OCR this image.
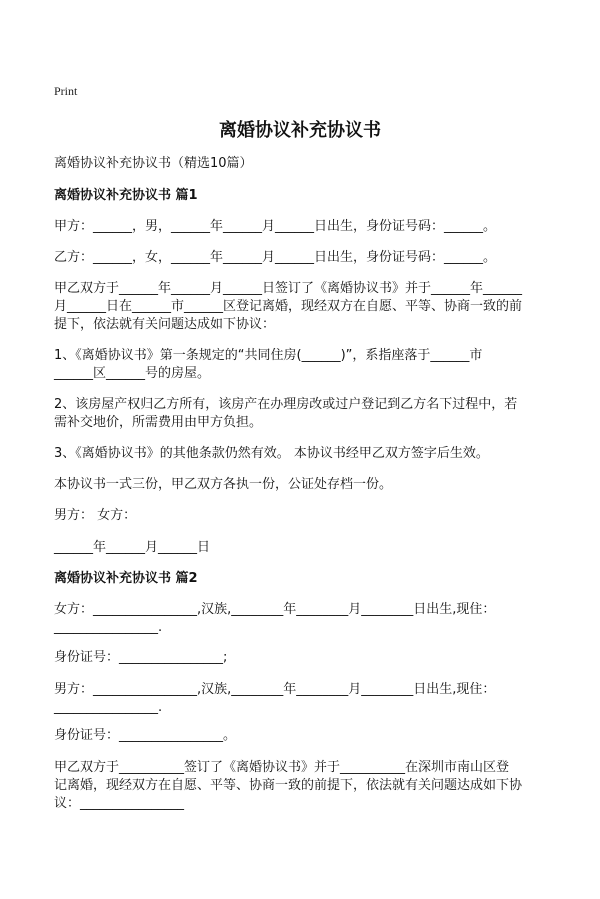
Print
离婚协议补充协议书
离婚协议补充协议书（精选10篇）
离婚协议补充协议书 篇1
甲方：______，男，______年______月______日出生，身份证号码：______。
乙方：______，女，______年______月______日出生，身份证号码：______。
甲乙双方于______年______月______日签订了《离婚协议书》并于______年______
月______日在______市______区登记离婚，现经双方在自愿、平等、协商一致的前
提下，依法就有关问题达成如下协议：
1、《离婚协议书》第一条规定的“共同住房(______)”，系指座落于______市
______区______号的房屋。
2、该房屋产权归乙方所有，该房产在办理房改或过户登记到乙方名下过程中，若
需补交地价，所需费用由甲方负担。
3、《离婚协议书》的其他条款仍然有效。 本协议书经甲乙双方签字后生效。
本协议书一式三份，甲乙双方各执一份，公证处存档一份。
男方： 女方：
______年______月______日
离婚协议补充协议书 篇2
女方：________________,汉族,________年________月________日出生,现住：
________________.
身份证号：________________;
男方：________________,汉族,________年________月________日出生,现住：
________________.
身份证号：________________。
甲乙双方于__________签订了《离婚协议书》并于__________在深圳市南山区登
记离婚，现经双方在自愿、平等、协商一致的前提下，依法就有关问题达成如下协
议：________________
